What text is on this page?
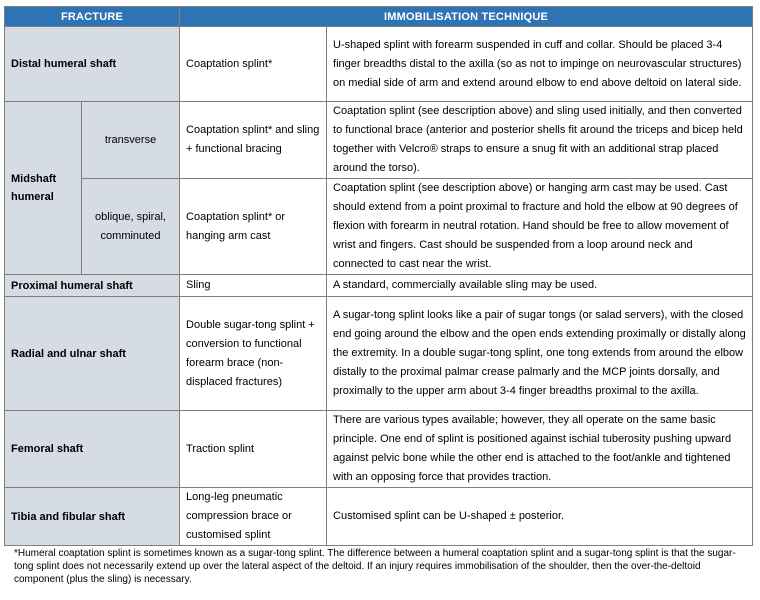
FRACTURE		IMMOBILISATION TECHNIQUE	
Distal humeral shaft		Coaptation splint*	U-shaped splint with forearm suspended in cuff and collar. Should be placed 3-4 finger breadths distal to the axilla (so as not to impinge on neurovascular structures) on medial side of arm and extend around elbow to end above deltoid on lateral side.
Midshaft humeral	transverse	Coaptation splint* and sling + functional bracing	Coaptation splint (see description above) and sling used initially, and then converted to functional brace (anterior and posterior shells fit around the triceps and bicep held together with Velcro® straps to ensure a snug fit with an additional strap placed around the torso).
	oblique, spiral, comminuted	Coaptation splint* or hanging arm cast	Coaptation splint (see description above) or hanging arm cast may be used. Cast should extend from a point proximal to fracture and hold the elbow at 90 degrees of flexion with forearm in neutral rotation. Hand should be free to allow movement of wrist and fingers. Cast should be suspended from a loop around neck and connected to cast near the wrist.
Proximal humeral shaft		Sling	A standard, commercially available sling may be used.
Radial and ulnar shaft		Double sugar-tong splint + conversion to functional forearm brace (non-displaced fractures)	A sugar-tong splint looks like a pair of sugar tongs (or salad servers), with the closed end going around the elbow and the open ends extending proximally or distally along the extremity. In a double sugar-tong splint, one tong extends from around the elbow distally to the proximal palmar crease palmarly and the MCP joints dorsally, and proximally to the upper arm about 3-4 finger breadths proximal to the axilla.
Femoral shaft		Traction splint	There are various types available; however, they all operate on the same basic principle. One end of splint is positioned against ischial tuberosity pushing upward against pelvic bone while the other end is attached to the foot/ankle and tightened with an opposing force that provides traction.
Tibia and fibular shaft		Long-leg pneumatic compression brace or customised splint	Customised splint can be U-shaped ± posterior.
*Humeral coaptation splint is sometimes known as a sugar-tong splint. The difference between a humeral coaptation splint and a sugar-tong splint is that the sugar-tong splint does not necessarily extend up over the lateral aspect of the deltoid. If an injury requires immobilisation of the shoulder, then the over-the-deltoid component (plus the sling) is necessary.
